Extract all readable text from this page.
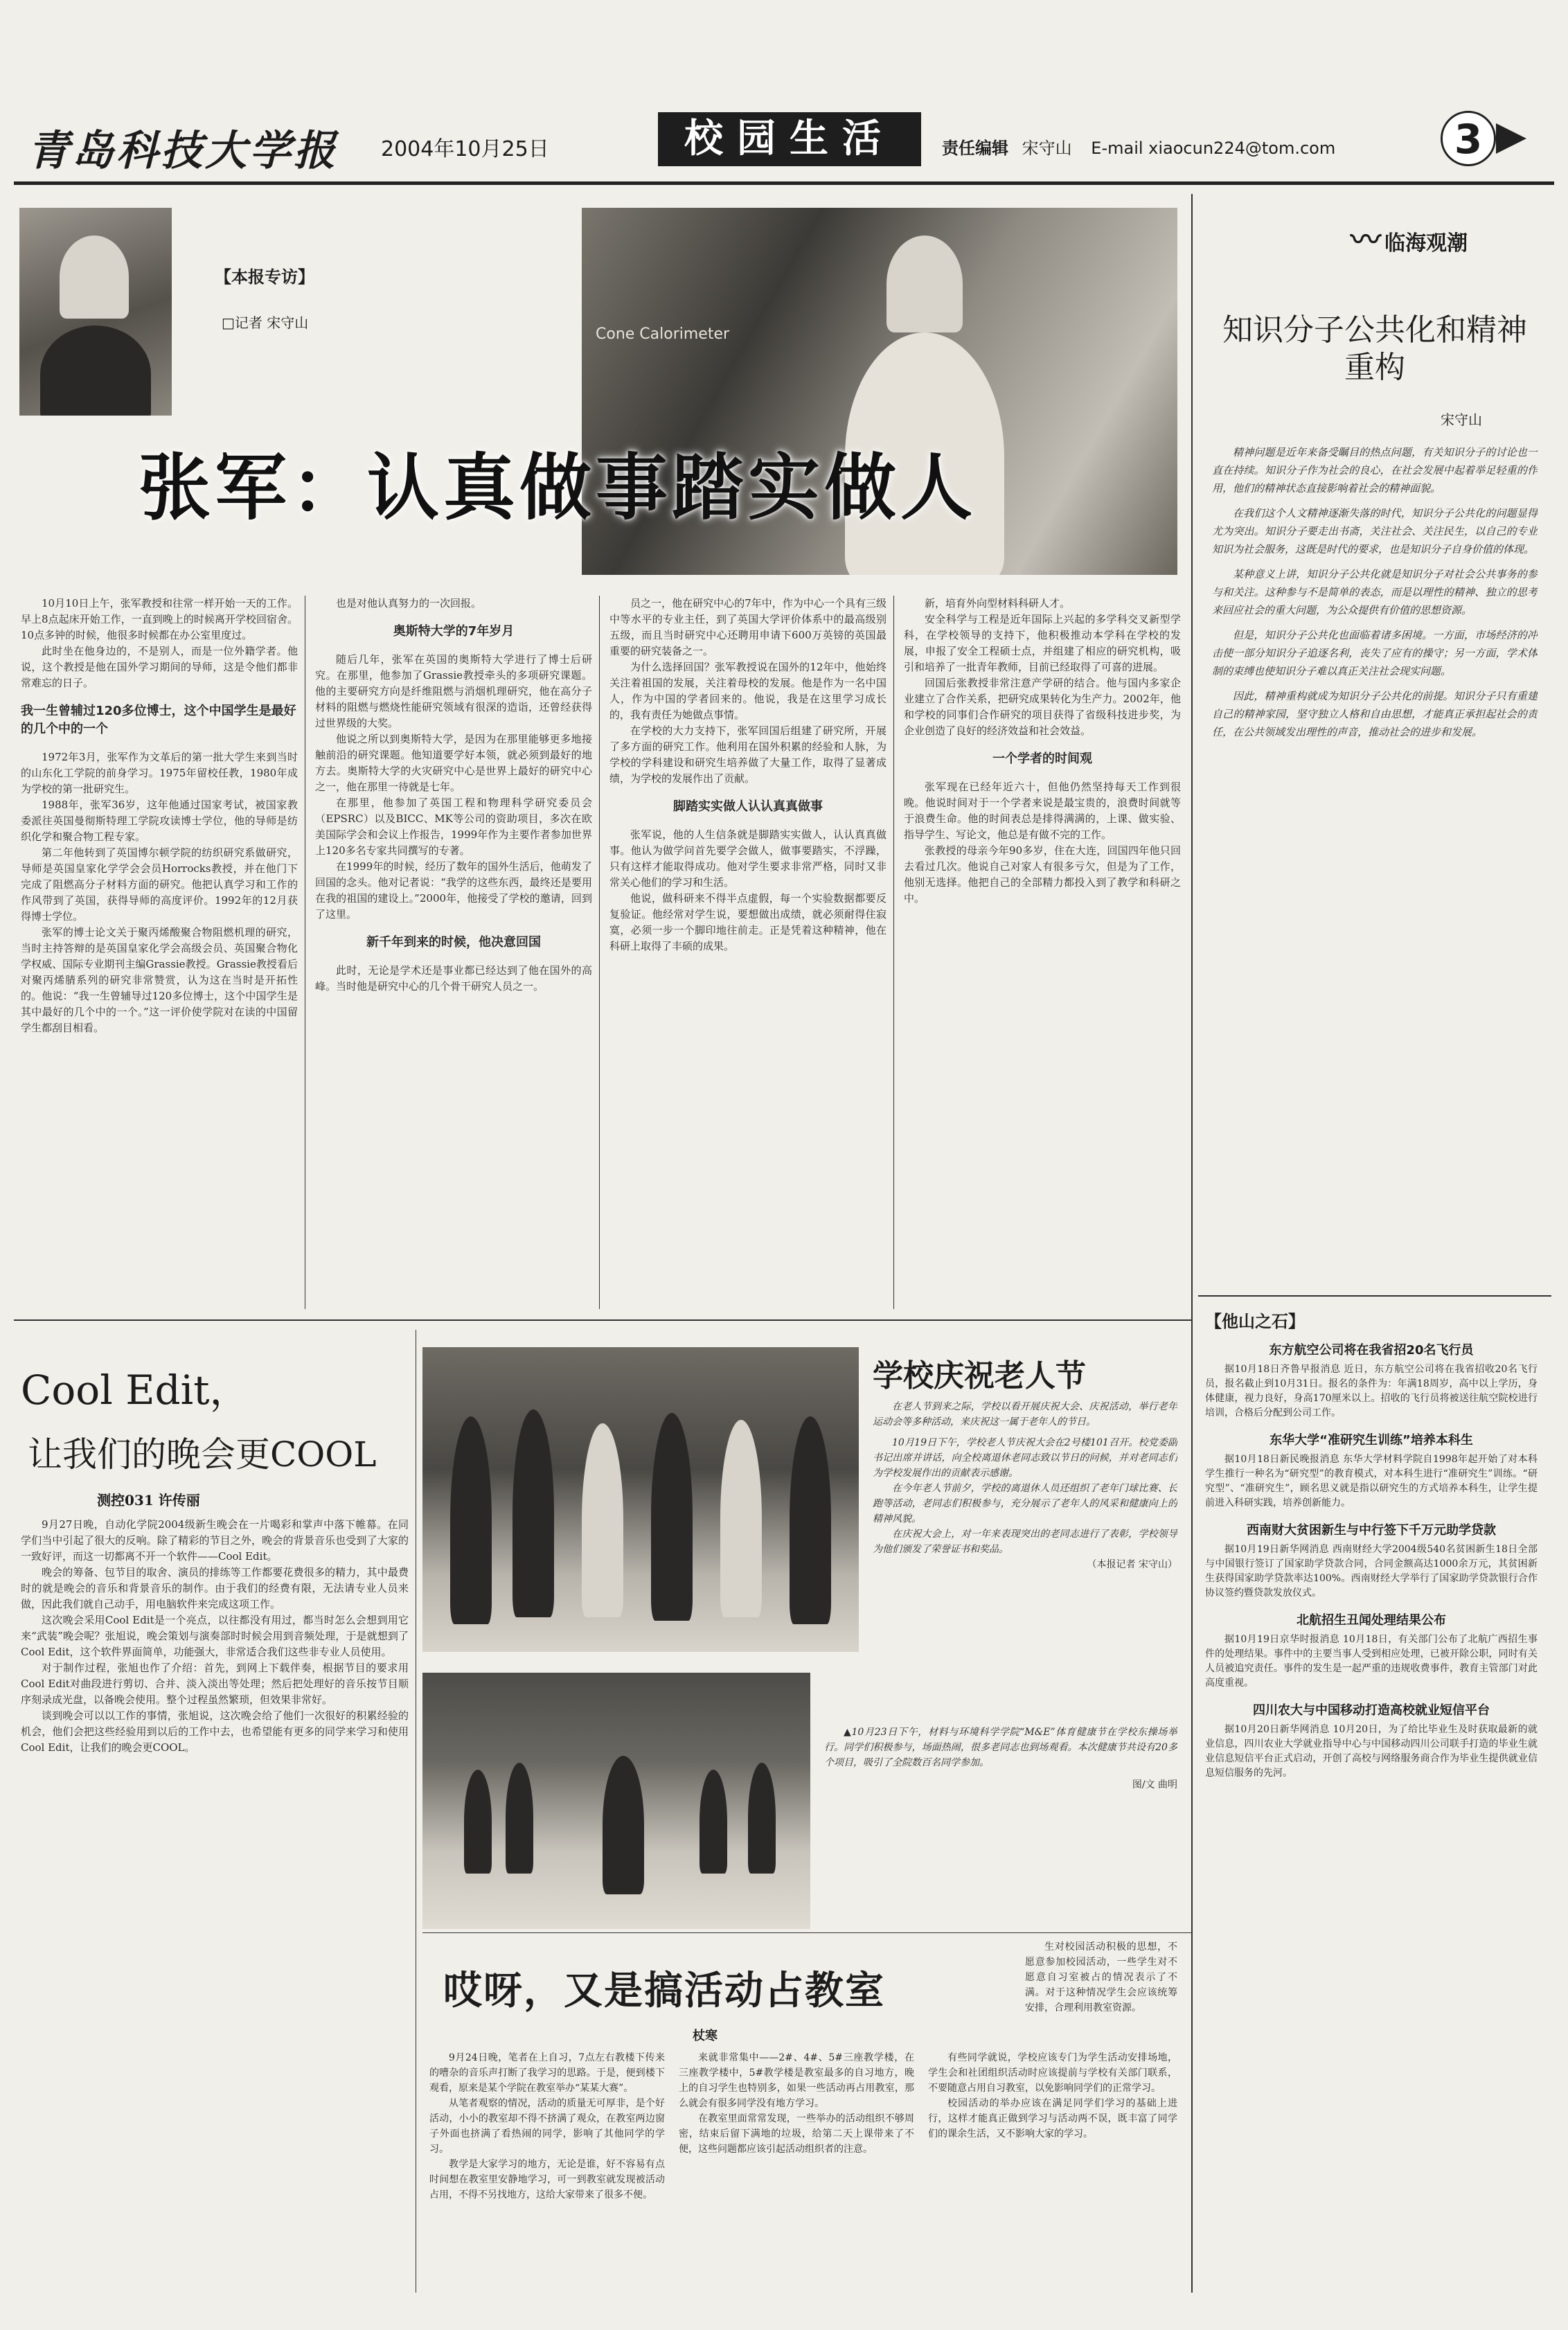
青岛科技大学报 2004年10月25日	校园生活	责任编辑 宋守山 E-mail xiaocun224@tom.com	3
【本报专访】
□记者 宋守山
Cone Calorimeter
张军：认真做事踏实做人

10月10日上午，张军教授和往常一样开始一天的工作。早上8点起床开始工作，一直到晚上的时候离开学校回宿舍。10点多钟的时候，他很多时候都在办公室里度过。

此时坐在他身边的，不是别人，而是一位外籍学者。他说，这个教授是他在国外学习期间的导师，这是令他们都非常难忘的日子。

我一生曾辅过120多位博士，这个中国学生是最好的几个中的一个

1972年3月，张军作为文革后的第一批大学生来到当时的山东化工学院的前身学习。1975年留校任教，1980年成为学校的第一批研究生。

1988年，张军36岁，这年他通过国家考试，被国家教委派往英国曼彻斯特理工学院攻读博士学位，他的导师是纺织化学和聚合物工程专家。

第二年他转到了英国博尔顿学院的纺织研究系做研究，导师是英国皇家化学学会会员Horrocks教授，并在他门下完成了阻燃高分子材料方面的研究。他把认真学习和工作的作风带到了英国，获得导师的高度评价。1992年的12月获得博士学位。

张军的博士论文关于聚丙烯酸聚合物阻燃机理的研究，当时主持答辩的是英国皇家化学会高级会员、英国聚合物化学权威、国际专业期刊主编Grassie教授。Grassie教授看后对聚丙烯腈系列的研究非常赞赏，认为这在当时是开拓性的。他说：“我一生曾辅导过120多位博士，这个中国学生是其中最好的几个中的一个。”这一评价使学院对在读的中国留学生都刮目相看。

也是对他认真努力的一次回报。

奥斯特大学的7年岁月

随后几年，张军在英国的奥斯特大学进行了博士后研究。在那里，他参加了Grassie教授牵头的多项研究课题。他的主要研究方向是纤维阻燃与消烟机理研究，他在高分子材料的阻燃与燃烧性能研究领域有很深的造诣，还曾经获得过世界级的大奖。

他说之所以到奥斯特大学，是因为在那里能够更多地接触前沿的研究课题。他知道要学好本领，就必须到最好的地方去。奥斯特大学的火灾研究中心是世界上最好的研究中心之一，他在那里一待就是七年。

在那里，他参加了英国工程和物理科学研究委员会（EPSRC）以及BICC、MK等公司的资助项目，多次在欧美国际学会和会议上作报告，1999年作为主要作者参加世界上120多名专家共同撰写的专著。

在1999年的时候，经历了数年的国外生活后，他萌发了回国的念头。他对记者说：“我学的这些东西，最终还是要用在我的祖国的建设上。”2000年，他接受了学校的邀请，回到了这里。

新千年到来的时候，他决意回国

此时，无论是学术还是事业都已经达到了他在国外的高峰。当时他是研究中心的几个骨干研究人员之一。

员之一，他在研究中心的7年中，作为中心一个具有三级中等水平的专业主任，到了英国大学评价体系中的最高级别五级，而且当时研究中心还聘用申请下600万英镑的英国最重要的研究装备之一。

为什么选择回国？张军教授说在国外的12年中，他始终关注着祖国的发展，关注着母校的发展。他是作为一名中国人，作为中国的学者回来的。他说，我是在这里学习成长的，我有责任为她做点事情。

在学校的大力支持下，张军回国后组建了研究所，开展了多方面的研究工作。他利用在国外积累的经验和人脉，为学校的学科建设和研究生培养做了大量工作，取得了显著成绩，为学校的发展作出了贡献。

脚踏实实做人认认真真做事

张军说，他的人生信条就是脚踏实实做人，认认真真做事。他认为做学问首先要学会做人，做事要踏实，不浮躁，只有这样才能取得成功。他对学生要求非常严格，同时又非常关心他们的学习和生活。

他说，做科研来不得半点虚假，每一个实验数据都要反复验证。他经常对学生说，要想做出成绩，就必须耐得住寂寞，必须一步一个脚印地往前走。正是凭着这种精神，他在科研上取得了丰硕的成果。

新，培育外向型材料科研人才。

安全科学与工程是近年国际上兴起的多学科交叉新型学科，在学校领导的支持下，他积极推动本学科在学校的发展，申报了安全工程硕士点，并组建了相应的研究机构，吸引和培养了一批青年教师，目前已经取得了可喜的进展。

回国后张教授非常注意产学研的结合。他与国内多家企业建立了合作关系，把研究成果转化为生产力。2002年，他和学校的同事们合作研究的项目获得了省级科技进步奖，为企业创造了良好的经济效益和社会效益。

一个学者的时间观

张军现在已经年近六十，但他仍然坚持每天工作到很晚。他说时间对于一个学者来说是最宝贵的，浪费时间就等于浪费生命。他的时间表总是排得满满的，上课、做实验、指导学生、写论文，他总是有做不完的工作。

张教授的母亲今年90多岁，住在大连，回国四年他只回去看过几次。他说自己对家人有很多亏欠，但是为了工作，他别无选择。他把自己的全部精力都投入到了教学和科研之中。

〰 临海观潮
知识分子公共化和精神重构
宋守山

精神问题是近年来备受瞩目的热点问题，有关知识分子的讨论也一直在持续。知识分子作为社会的良心，在社会发展中起着举足轻重的作用，他们的精神状态直接影响着社会的精神面貌。

在我们这个人文精神逐渐失落的时代，知识分子公共化的问题显得尤为突出。知识分子要走出书斋，关注社会、关注民生，以自己的专业知识为社会服务，这既是时代的要求，也是知识分子自身价值的体现。

某种意义上讲，知识分子公共化就是知识分子对社会公共事务的参与和关注。这种参与不是简单的表态，而是以理性的精神、独立的思考来回应社会的重大问题，为公众提供有价值的思想资源。

但是，知识分子公共化也面临着诸多困境。一方面，市场经济的冲击使一部分知识分子追逐名利，丧失了应有的操守；另一方面，学术体制的束缚也使知识分子难以真正关注社会现实问题。

因此，精神重构就成为知识分子公共化的前提。知识分子只有重建自己的精神家园，坚守独立人格和自由思想，才能真正承担起社会的责任，在公共领域发出理性的声音，推动社会的进步和发展。

【他山之石】
东方航空公司将在我省招20名飞行员
据10月18日齐鲁早报消息 近日，东方航空公司将在我省招收20名飞行员，报名截止到10月31日。报名的条件为：年满18周岁，高中以上学历，身体健康，视力良好，身高170厘米以上。招收的飞行员将被送往航空院校进行培训，合格后分配到公司工作。
东华大学“准研究生训练”培养本科生
据10月18日新民晚报消息 东华大学材料学院自1998年起开始了对本科学生推行一种名为“研究型”的教育模式，对本科生进行“准研究生”训练。“研究型”、“准研究生”，顾名思义就是指以研究生的方式培养本科生，让学生提前进入科研实践，培养创新能力。
西南财大贫困新生与中行签下千万元助学贷款
据10月19日新华网消息 西南财经大学2004级540名贫困新生18日全部与中国银行签订了国家助学贷款合同，合同金额高达1000余万元，其贫困新生获得国家助学贷款率达100%。西南财经大学举行了国家助学贷款银行合作协议签约暨贷款发放仪式。
北航招生丑闻处理结果公布
据10月19日京华时报消息 10月18日，有关部门公布了北航广西招生事件的处理结果。事件中的主要当事人受到相应处理，已被开除公职，同时有关人员被追究责任。事件的发生是一起严重的违规收费事件，教育主管部门对此高度重视。
四川农大与中国移动打造高校就业短信平台
据10月20日新华网消息 10月20日，为了给比毕业生及时获取最新的就业信息，四川农业大学就业指导中心与中国移动四川公司联手打造的毕业生就业信息短信平台正式启动，开创了高校与网络服务商合作为毕业生提供就业信息短信服务的先河。
Cool Edit，
让我们的晚会更COOL
测控031 许传丽

9月27日晚，自动化学院2004级新生晚会在一片喝彩和掌声中落下帷幕。在同学们当中引起了很大的反响。除了精彩的节目之外，晚会的背景音乐也受到了大家的一致好评，而这一切都离不开一个软件——Cool Edit。

晚会的筹备、包节目的取舍、演员的排练等工作都要花费很多的精力，其中最费时的就是晚会的音乐和背景音乐的制作。由于我们的经费有限，无法请专业人员来做，因此我们就自己动手，用电脑软件来完成这项工作。

这次晚会采用Cool Edit是一个亮点，以往都没有用过，都当时怎么会想到用它来“武装”晚会呢？张旭说，晚会策划与演奏部时时候会用到音频处理，于是就想到了Cool Edit，这个软件界面简单，功能强大，非常适合我们这些非专业人员使用。

对于制作过程，张旭也作了介绍：首先，到网上下载伴奏，根据节目的要求用Cool Edit对曲段进行剪切、合并、淡入淡出等处理；然后把处理好的音乐按节目顺序刻录成光盘，以备晚会使用。整个过程虽然繁琐，但效果非常好。

谈到晚会可以以工作的事情，张旭说，这次晚会给了他们一次很好的积累经验的机会，他们会把这些经验用到以后的工作中去，也希望能有更多的同学来学习和使用Cool Edit，让我们的晚会更COOL。

学校庆祝老人节

在老人节到来之际，学校以看开展庆祝大会、庆祝活动，举行老年运动会等多种活动，来庆祝这一属于老年人的节日。

10月19日下午，学校老人节庆祝大会在2号楼101召开。校党委副书记出席并讲话，向全校离退休老同志致以节日的问候，并对老同志们为学校发展作出的贡献表示感谢。

在今年老人节前夕，学校的离退休人员还组织了老年门球比赛、长跑等活动，老同志们积极参与，充分展示了老年人的风采和健康向上的精神风貌。

在庆祝大会上，对一年来表现突出的老同志进行了表彰，学校领导为他们颁发了荣誉证书和奖品。

（本报记者 宋守山）

▲10月23日下午，材料与环境科学学院“M&E”体育健康节在学校东操场举行。同学们积极参与，场面热闹，很多老同志也到场观看。本次健康节共设有20多个项目，吸引了全院数百名同学参加。

图/文 曲明
哎呀，又是搞活动占教室
杖寒

生对校园活动积极的思想，不愿意参加校园活动，一些学生对不愿意自习室被占的情况表示了不满。对于这种情况学生会应该统筹安排，合理利用教室资源。

9月24日晚，笔者在上自习，7点左右教楼下传来的嘈杂的音乐声打断了我学习的思路。于是，便到楼下观看，原来是某个学院在教室举办“某某大赛”。

从笔者观察的情况，活动的质量无可厚非，是个好活动，小小的教室却不得不挤满了观众，在教室两边窗子外面也挤满了看热闹的同学，影响了其他同学的学习。

教学是大家学习的地方，无论是谁，好不容易有点时间想在教室里安静地学习，可一到教室就发现被活动占用，不得不另找地方，这给大家带来了很多不便。

来就非常集中——2#、4#、5#三座教学楼，在三座教学楼中，5#教学楼是教室最多的自习地方，晚上的自习学生也特别多，如果一些活动再占用教室，那么就会有很多同学没有地方学习。

在教室里面常常发现，一些举办的活动组织不够周密，结束后留下满地的垃圾，给第二天上课带来了不便，这些问题都应该引起活动组织者的注意。

有些同学就说，学校应该专门为学生活动安排场地，学生会和社团组织活动时应该提前与学校有关部门联系，不要随意占用自习教室，以免影响同学们的正常学习。

校园活动的举办应该在满足同学们学习的基础上进行，这样才能真正做到学习与活动两不误，既丰富了同学们的课余生活，又不影响大家的学习。
